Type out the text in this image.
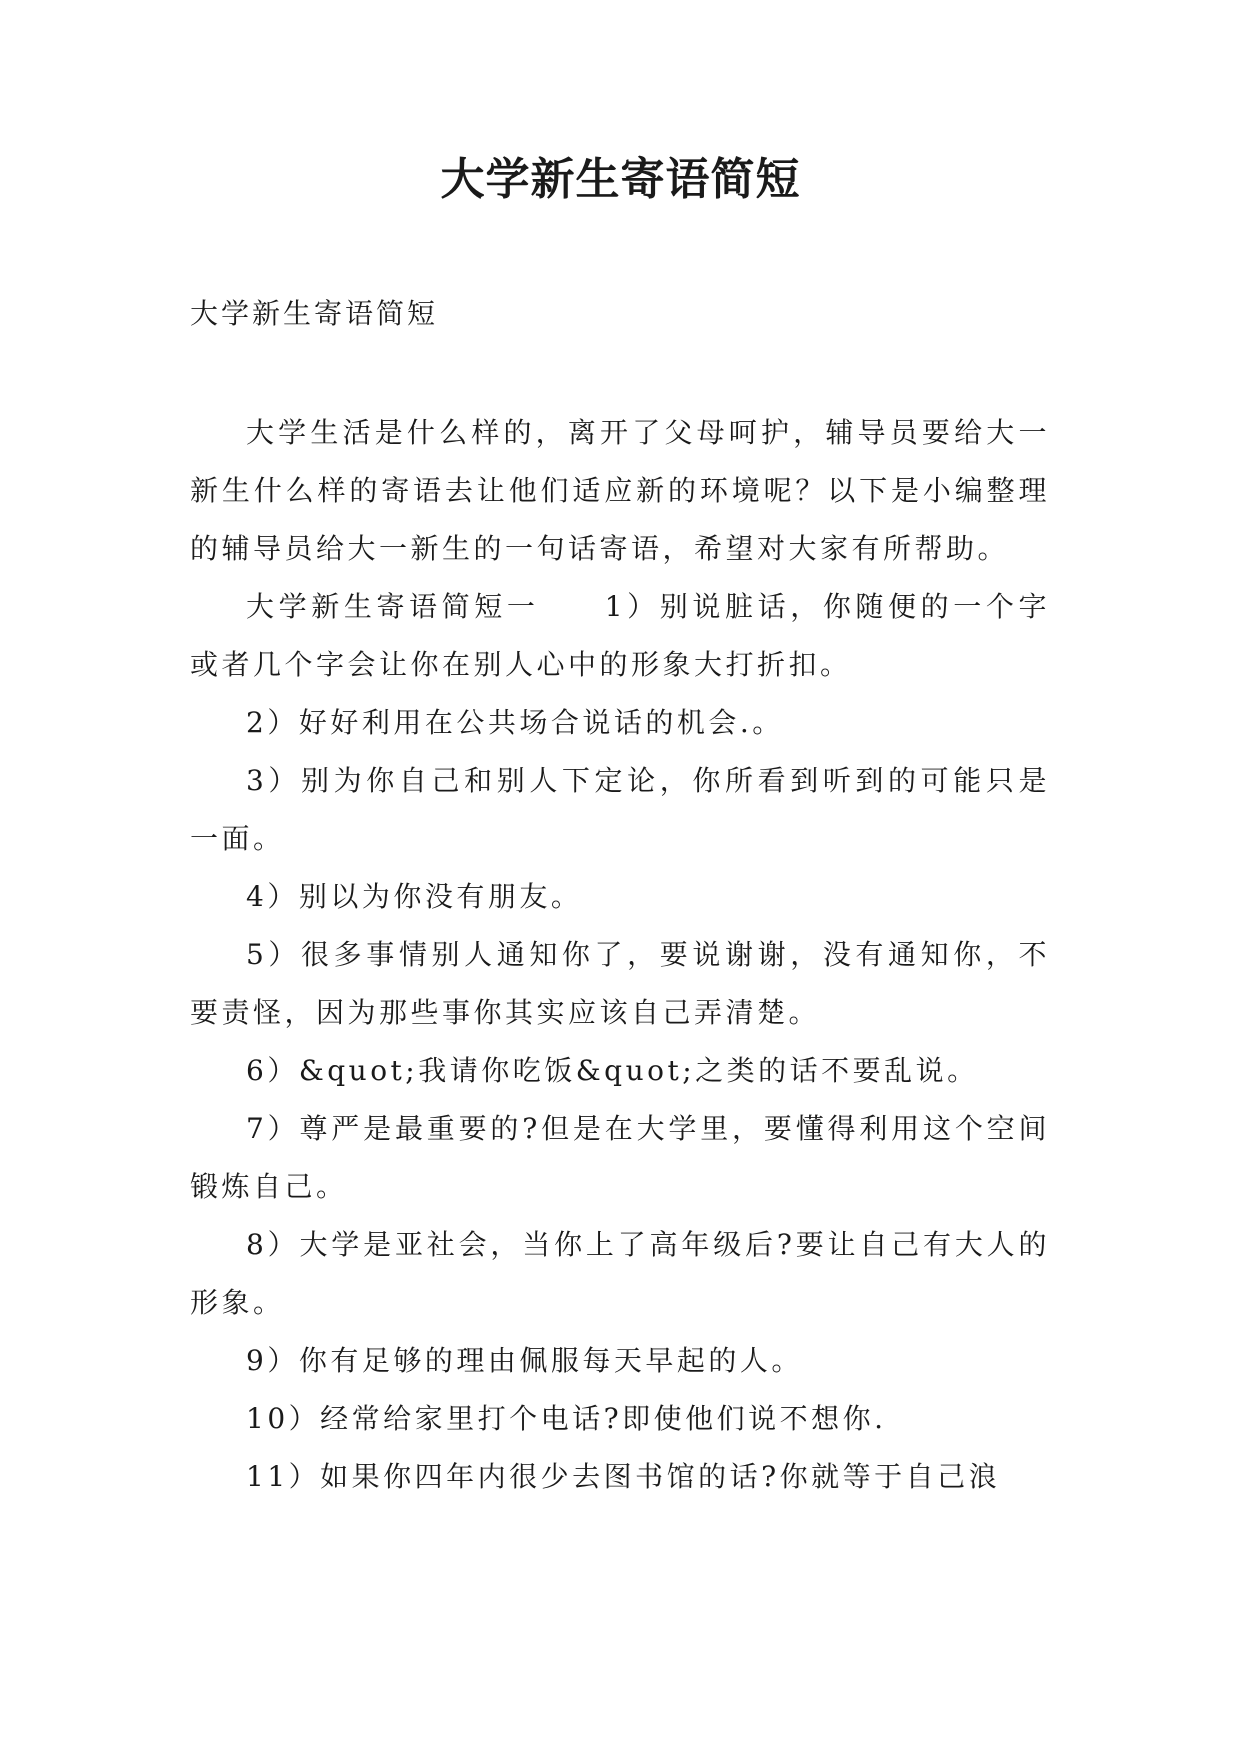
大学新生寄语简短

大学新生寄语简短

大学生活是什么样的，离开了父母呵护，辅导员要给大一新生什么样的寄语去让他们适应新的环境呢？以下是小编整理的辅导员给大一新生的一句话寄语，希望对大家有所帮助。

大学新生寄语简短一　　1）别说脏话，你随便的一个字或者几个字会让你在别人心中的形象大打折扣。

2）好好利用在公共场合说话的机会.。

3）别为你自己和别人下定论，你所看到听到的可能只是一面。

4）别以为你没有朋友。

5）很多事情别人通知你了，要说谢谢，没有通知你，不要责怪，因为那些事你其实应该自己弄清楚。

6）&quot;我请你吃饭&quot;之类的话不要乱说。

7）尊严是最重要的?但是在大学里，要懂得利用这个空间锻炼自己。

8）大学是亚社会，当你上了高年级后?要让自己有大人的形象。

9）你有足够的理由佩服每天早起的人。

10）经常给家里打个电话?即使他们说不想你.

11）如果你四年内很少去图书馆的话?你就等于自己浪
